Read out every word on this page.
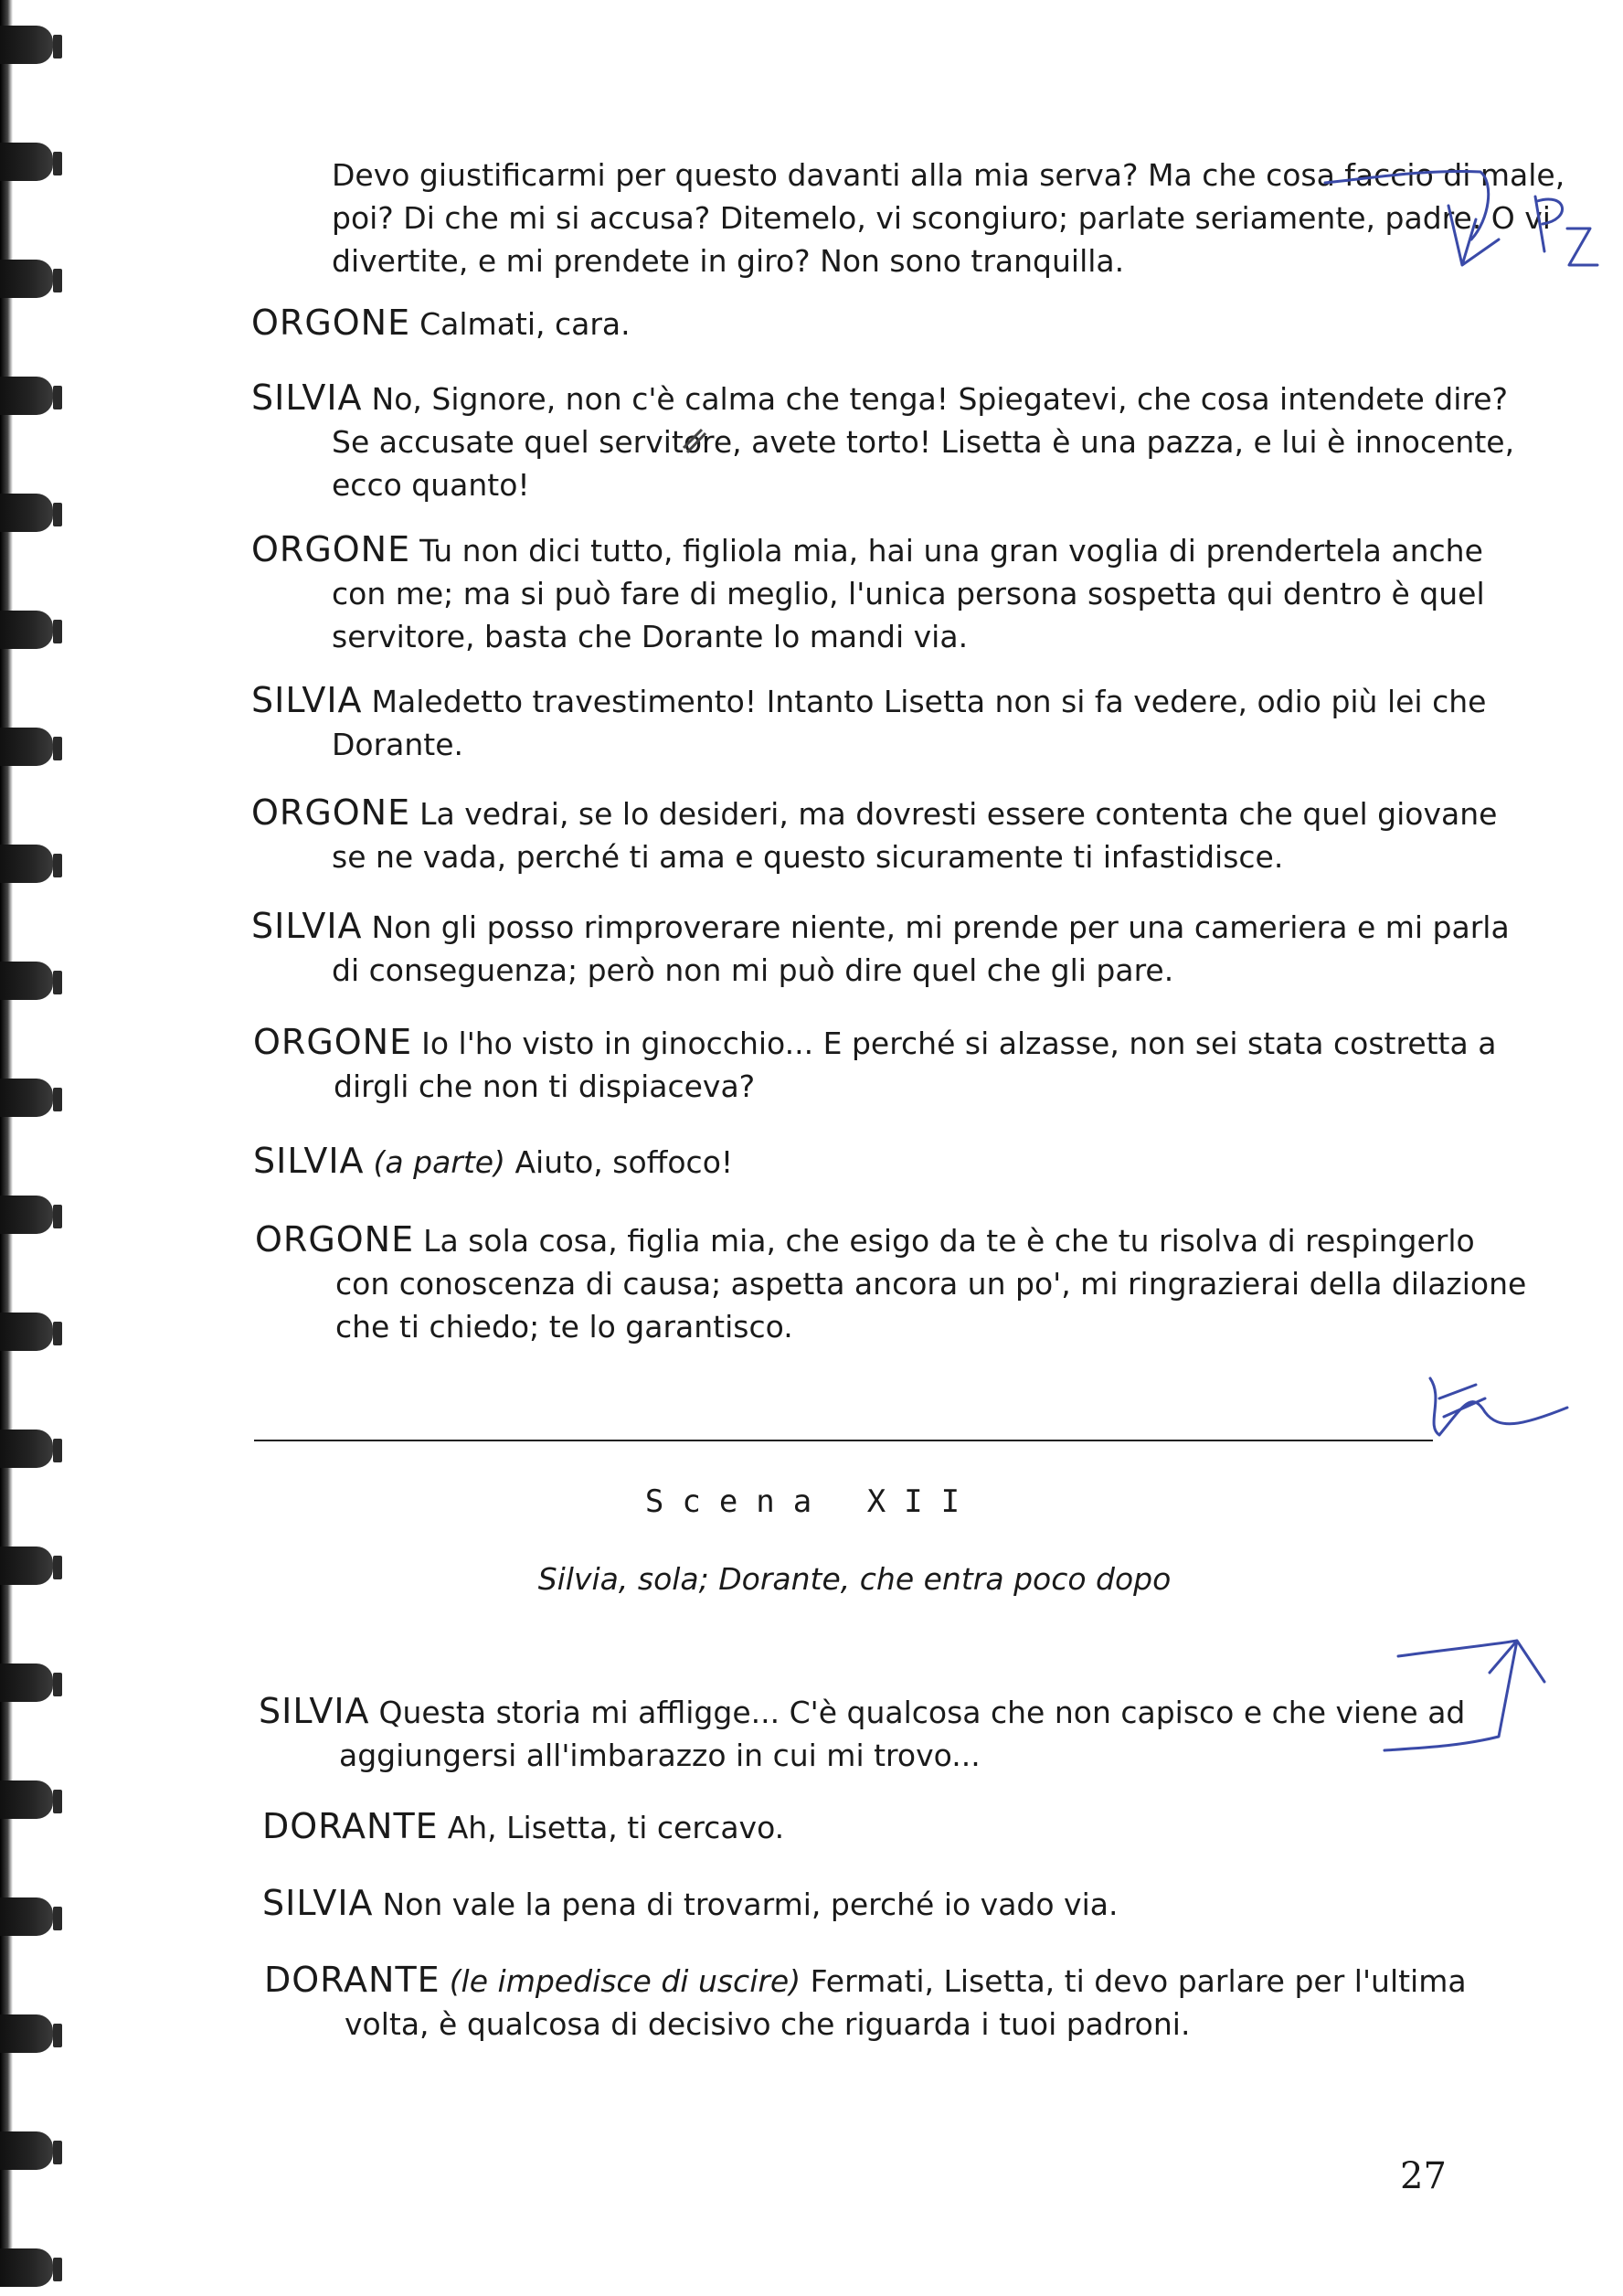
Devo giustificarmi per questo davanti alla mia serva? Ma che cosa faccio di male,
poi? Di che mi si accusa? Ditemelo, vi scongiuro; parlate seriamente, padre. O vi
divertite, e mi prendete in giro? Non sono tranquilla.
ORGONE Calmati, cara.
SILVIA No, Signore, non c'è calma che tenga! Spiegatevi, che cosa intendete dire?
Se accusate quel servitore, avete torto! Lisetta è una pazza, e lui è innocente,
ecco quanto!
ORGONE Tu non dici tutto, figliola mia, hai una gran voglia di prendertela anche
con me; ma si può fare di meglio, l'unica persona sospetta qui dentro è quel
servitore, basta che Dorante lo mandi via.
SILVIA Maledetto travestimento! Intanto Lisetta non si fa vedere, odio più lei che
Dorante.
ORGONE La vedrai, se lo desideri, ma dovresti essere contenta che quel giovane
se ne vada, perché ti ama e questo sicuramente ti infastidisce.
SILVIA Non gli posso rimproverare niente, mi prende per una cameriera e mi parla
di conseguenza; però non mi può dire quel che gli pare.
ORGONE Io l'ho visto in ginocchio... E perché si alzasse, non sei stata costretta a
dirgli che non ti dispiaceva?
SILVIA (a parte) Aiuto, soffoco!
ORGONE La sola cosa, figlia mia, che esigo da te è che tu risolva di respingerlo
con conoscenza di causa; aspetta ancora un po', mi ringrazierai della dilazione
che ti chiedo; te lo garantisco.
Scena XII
Silvia, sola; Dorante, che entra poco dopo
SILVIA Questa storia mi affligge... C'è qualcosa che non capisco e che viene ad
aggiungersi all'imbarazzo in cui mi trovo...
DORANTE Ah, Lisetta, ti cercavo.
SILVIA Non vale la pena di trovarmi, perché io vado via.
DORANTE (le impedisce di uscire) Fermati, Lisetta, ti devo parlare per l'ultima
volta, è qualcosa di decisivo che riguarda i tuoi padroni.
27
